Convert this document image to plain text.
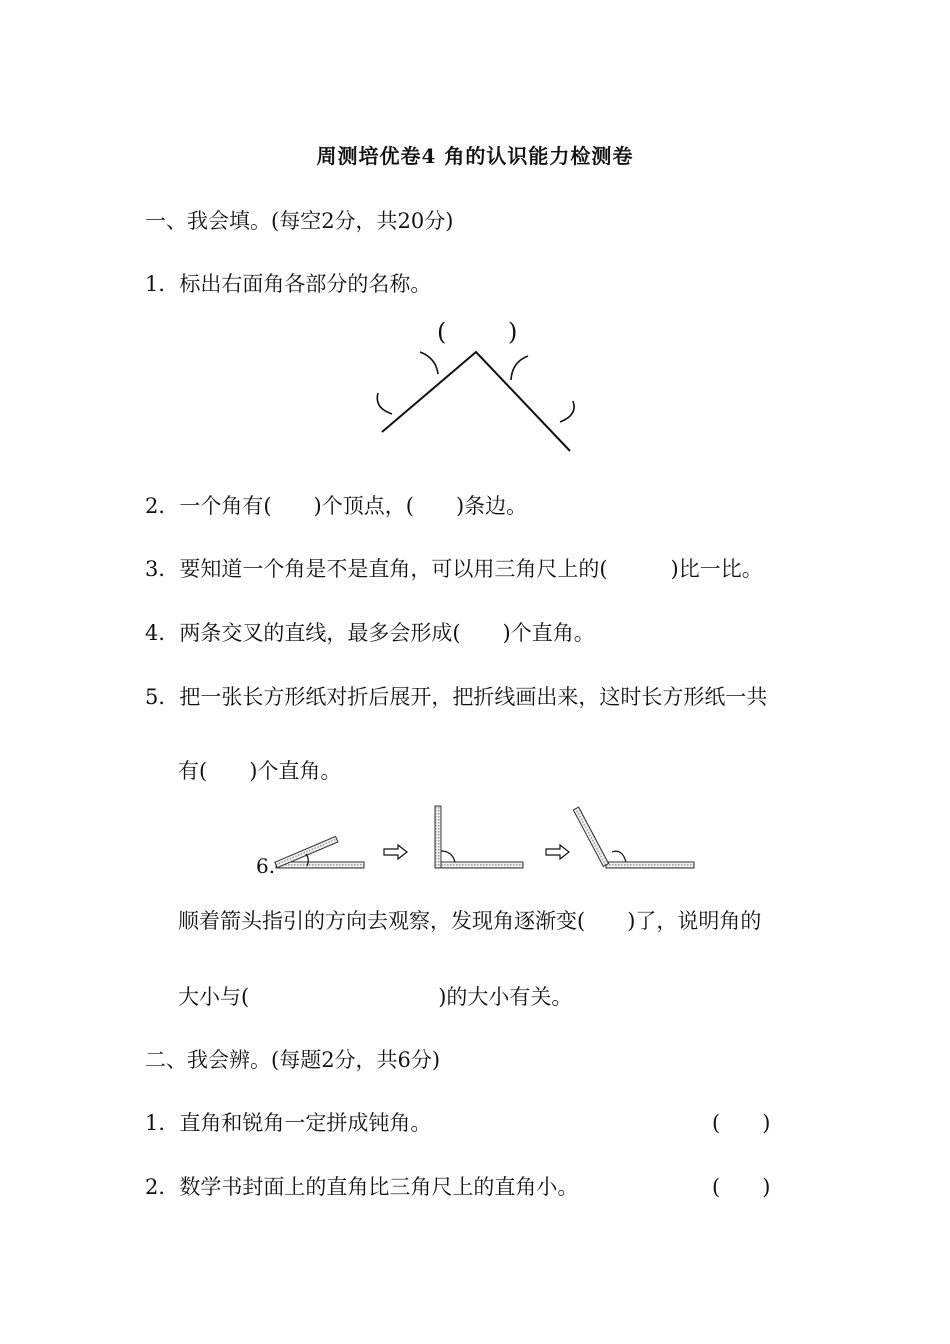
周测培优卷4 角的认识能力检测卷
一、我会填。(每空2分，共20分)
1．标出右面角各部分的名称。
(	)
2．一个角有(　　)个顶点，(　　)条边。
3．要知道一个角是不是直角，可以用三角尺上的(　　　)比一比。
4．两条交叉的直线，最多会形成(　　)个直角。
5．把一张长方形纸对折后展开，把折线画出来，这时长方形纸一共
有(　　)个直角。
6.
顺着箭头指引的方向去观察，发现角逐渐变(　　)了，说明角的
大小与(　　　　　　　　　)的大小有关。
二、我会辨。(每题2分，共6分)
1．直角和锐角一定拼成钝角。	(　　)
2．数学书封面上的直角比三角尺上的直角小。	(　　)
